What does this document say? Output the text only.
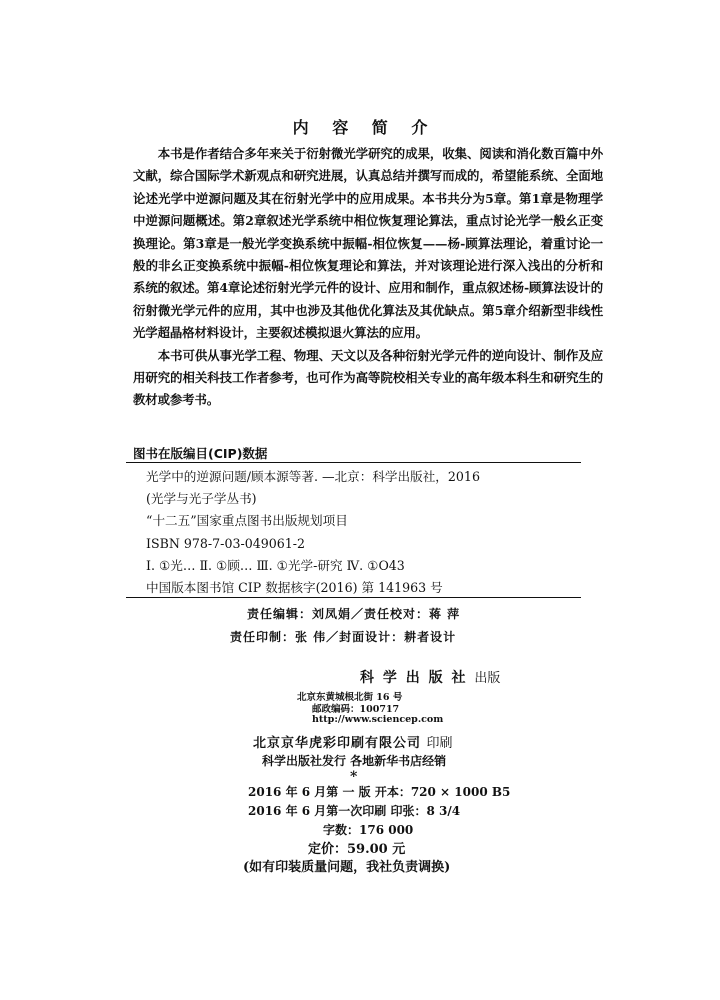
内 容 简 介

本书是作者结合多年来关于衍射微光学研究的成果，收集、阅读和消化数百篇中外文献，综合国际学术新观点和研究进展，认真总结并撰写而成的，希望能系统、全面地论述光学中逆源问题及其在衍射光学中的应用成果。本书共分为5章。第1章是物理学中逆源问题概述。第2章叙述光学系统中相位恢复理论算法，重点讨论光学一般幺正变换理论。第3章是一般光学变换系统中振幅-相位恢复——杨-顾算法理论，着重讨论一般的非幺正变换系统中振幅-相位恢复理论和算法，并对该理论进行深入浅出的分析和系统的叙述。第4章论述衍射光学元件的设计、应用和制作，重点叙述杨-顾算法设计的衍射微光学元件的应用，其中也涉及其他优化算法及其优缺点。第5章介绍新型非线性光学超晶格材料设计，主要叙述模拟退火算法的应用。

本书可供从事光学工程、物理、天文以及各种衍射光学元件的逆向设计、制作及应用研究的相关科技工作者参考，也可作为高等院校相关专业的高年级本科生和研究生的教材或参考书。

图书在版编目(CIP)数据
光学中的逆源问题/顾本源等著. —北京：科学出版社，2016
(光学与光子学丛书)
“十二五”国家重点图书出版规划项目
ISBN 978-7-03-049061-2
Ⅰ. ①光… Ⅱ. ①顾… Ⅲ. ①光学-研究 Ⅳ. ①O43
中国版本图书馆 CIP 数据核字(2016) 第 141963 号
责任编辑：刘凤娟／责任校对：蒋 萍
责任印制：张 伟／封面设计：耕者设计
科 学 出 版 社 出版
北京东黄城根北街 16 号
邮政编码：100717
http://www.sciencep.com
北京京华虎彩印刷有限公司 印刷
科学出版社发行 各地新华书店经销
*
2016 年 6 月第 一 版 开本：720 × 1000 B5
2016 年 6 月第一次印刷 印张：8 3/4
字数：176 000
定价：59.00 元
(如有印装质量问题，我社负责调换)
